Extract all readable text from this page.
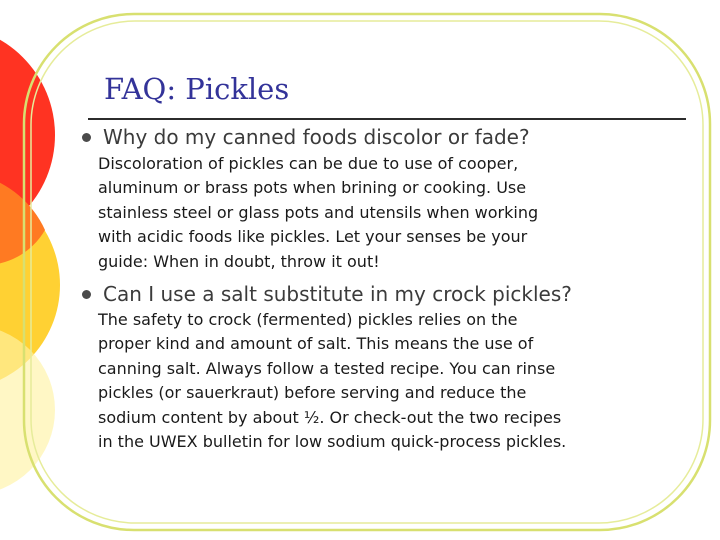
FAQ: Pickles
Why do my canned foods discolor or fade?
Discoloration of pickles can be due to use of cooper,
aluminum or brass pots when brining or cooking. Use
stainless steel or glass pots and utensils when working
with acidic foods like pickles. Let your senses be your
guide: When in doubt, throw it out!
Can I use a salt substitute in my crock pickles?
The safety to crock (fermented) pickles relies on the
proper kind and amount of salt. This means the use of
canning salt. Always follow a tested recipe. You can rinse
pickles (or sauerkraut) before serving and reduce the
sodium content by about ½. Or check-out the two recipes
in the UWEX bulletin for low sodium quick-process pickles.
